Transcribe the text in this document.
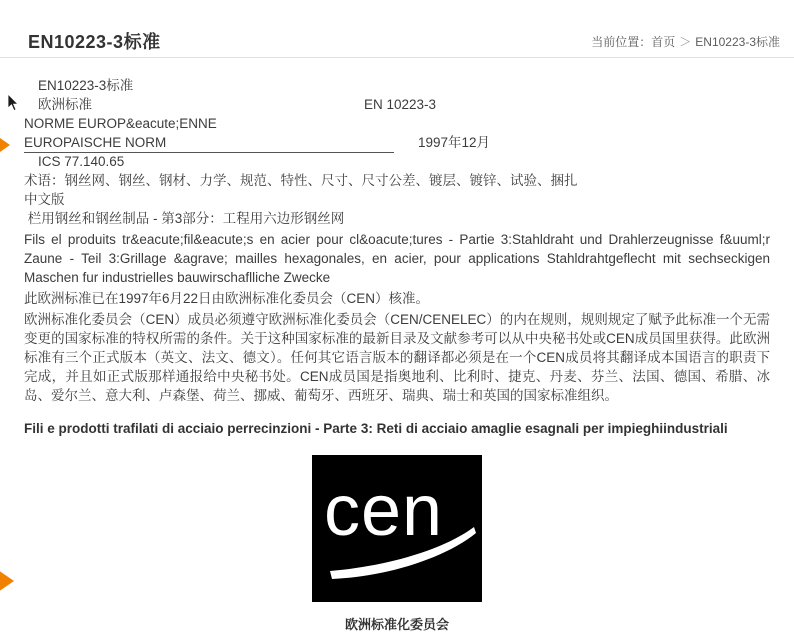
EN10223-3标准	当前位置：首页 ＞ EN10223-3标准
EN10223-3标准
欧洲标准	EN 10223-3
NORME EUROP&eacute;ENNE
EUROPAISCHE NORM	1997年12月
ICS 77.140.65
术语：钢丝网、钢丝、钢材、力学、规范、特性、尺寸、尺寸公差、镀层、镀锌、试验、捆扎
中文版
栏用钢丝和钢丝制品 - 第3部分：工程用六边形钢丝网
Fils el produits tr&eacute;fil&eacute;s en acier pour cl&oacute;tures - Partie 3:Stahldraht und Drahlerzeugnisse f&uuml;r Zaune - Teil 3:Grillage &agrave; mailles hexagonales, en acier, pour applications Stahldrahtgeflecht mit sechseckigen Maschen fur industrielles bauwirschaflliche Zwecke
此欧洲标准已在1997年6月22日由欧洲标准化委员会（CEN）核准。
欧洲标准化委员会（CEN）成员必须遵守欧洲标准化委员会（CEN/CENELEC）的内在规则，规则规定了赋予此标准一个无需变更的国家标准的特权所需的条件。关于这种国家标准的最新目录及文献参考可以从中央秘书处或CEN成员国里获得。此欧洲标准有三个正式版本（英文、法文、德文）。任何其它语言版本的翻译都必须是在一个CEN成员将其翻译成本国语言的职责下完成，并且如正式版那样通报给中央秘书处。CEN成员国是指奥地利、比利时、捷克、丹麦、芬兰、法国、德国、希腊、冰岛、爱尔兰、意大利、卢森堡、荷兰、挪威、葡萄牙、西班牙、瑞典、瑞士和英国的国家标准组织。
Fili e prodotti trafilati di acciaio perrecinzioni - Parte 3: Reti di acciaio amaglie esagnali per impieghiindustriali
cen
欧洲标准化委员会
